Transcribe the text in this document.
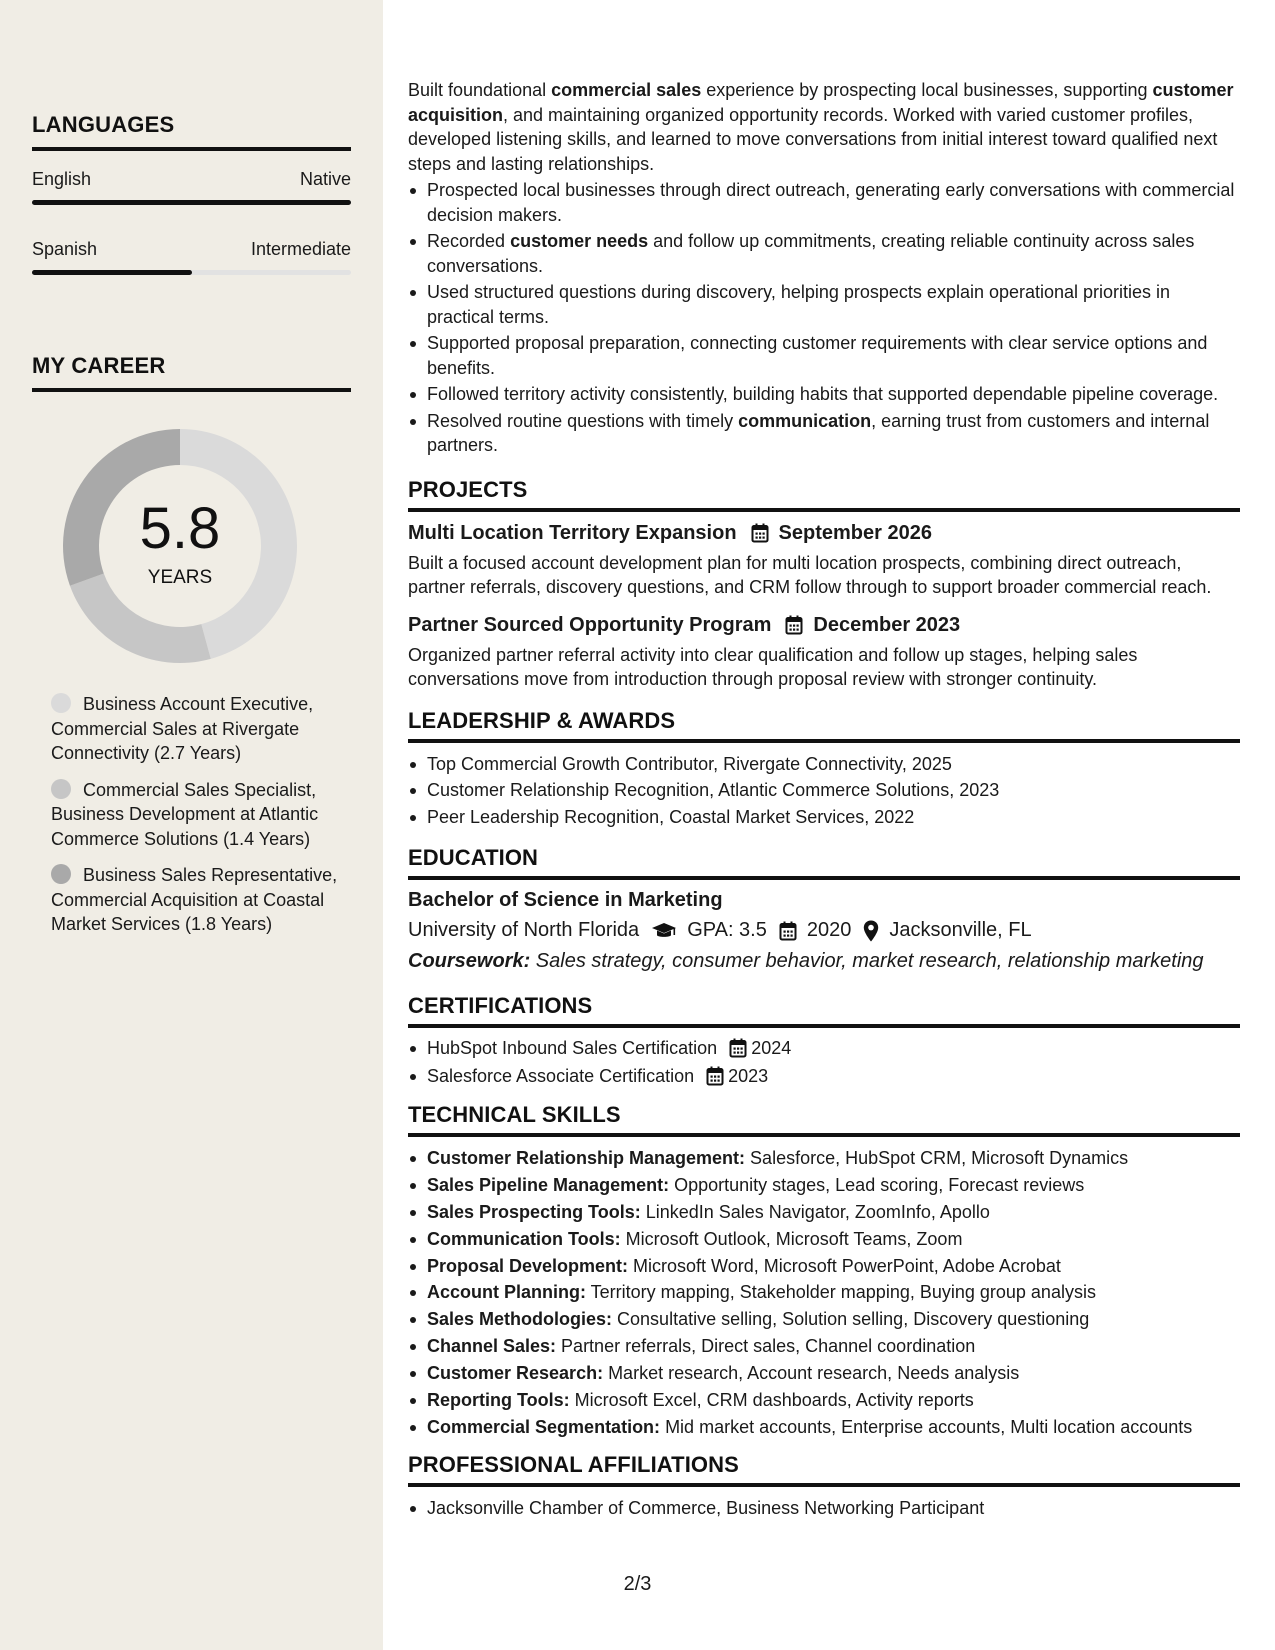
LANGUAGES
English	Native
Spanish	Intermediate
MY CAREER
5.8
YEARS
Business Account Executive, Commercial Sales at Rivergate Connectivity (2.7 Years)
Commercial Sales Specialist, Business Development at Atlantic Commerce Solutions (1.4 Years)
Business Sales Representative, Commercial Acquisition at Coastal Market Services (1.8 Years)

Built foundational commercial sales experience by prospecting local businesses, supporting customer acquisition, and maintaining organized opportunity records. Worked with varied customer profiles, developed listening skills, and learned to move conversations from initial interest toward qualified next steps and lasting relationships.

Prospected local businesses through direct outreach, generating early conversations with commercial decision makers.
Recorded customer needs and follow up commitments, creating reliable continuity across sales conversations.
Used structured questions during discovery, helping prospects explain operational priorities in practical terms.
Supported proposal preparation, connecting customer requirements with clear service options and benefits.
Followed territory activity consistently, building habits that supported dependable pipeline coverage.
Resolved routine questions with timely communication, earning trust from customers and internal partners.
PROJECTS
Multi Location Territory Expansion September 2026
Built a focused account development plan for multi location prospects, combining direct outreach, partner referrals, discovery questions, and CRM follow through to support broader commercial reach.
Partner Sourced Opportunity Program December 2023
Organized partner referral activity into clear qualification and follow up stages, helping sales conversations move from introduction through proposal review with stronger continuity.
LEADERSHIP & AWARDS
Top Commercial Growth Contributor, Rivergate Connectivity, 2025
Customer Relationship Recognition, Atlantic Commerce Solutions, 2023
Peer Leadership Recognition, Coastal Market Services, 2022
EDUCATION
Bachelor of Science in Marketing
University of North Florida GPA: 3.5 2020 Jacksonville, FL
Coursework: Sales strategy, consumer behavior, market research, relationship marketing
CERTIFICATIONS
HubSpot Inbound Sales Certification 2024
Salesforce Associate Certification 2023
TECHNICAL SKILLS
Customer Relationship Management: Salesforce, HubSpot CRM, Microsoft Dynamics
Sales Pipeline Management: Opportunity stages, Lead scoring, Forecast reviews
Sales Prospecting Tools: LinkedIn Sales Navigator, ZoomInfo, Apollo
Communication Tools: Microsoft Outlook, Microsoft Teams, Zoom
Proposal Development: Microsoft Word, Microsoft PowerPoint, Adobe Acrobat
Account Planning: Territory mapping, Stakeholder mapping, Buying group analysis
Sales Methodologies: Consultative selling, Solution selling, Discovery questioning
Channel Sales: Partner referrals, Direct sales, Channel coordination
Customer Research: Market research, Account research, Needs analysis
Reporting Tools: Microsoft Excel, CRM dashboards, Activity reports
Commercial Segmentation: Mid market accounts, Enterprise accounts, Multi location accounts
PROFESSIONAL AFFILIATIONS
Jacksonville Chamber of Commerce, Business Networking Participant
2/3
